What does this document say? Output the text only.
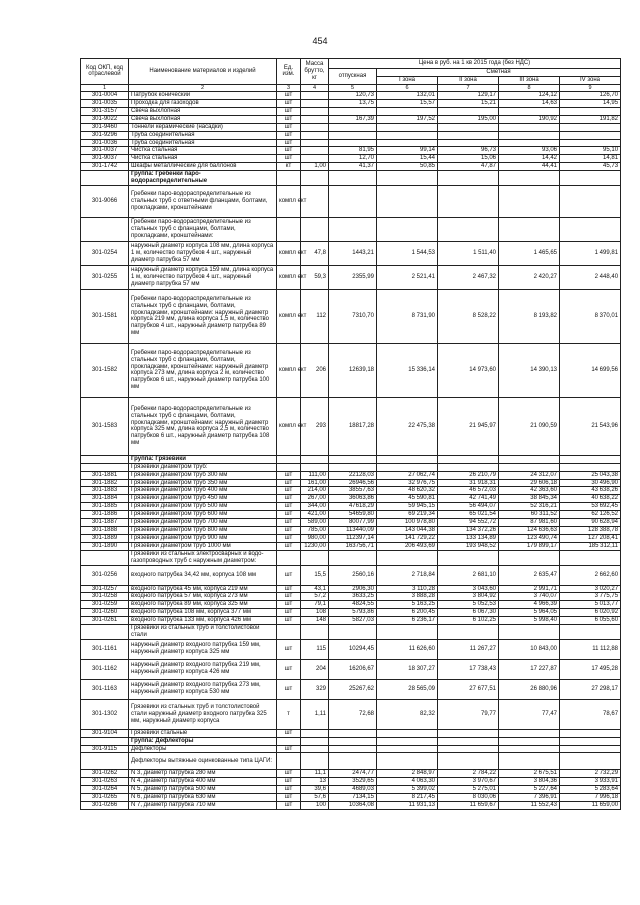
454
Код ОКП, код отраслевой	Наименование материалов и изделий	Ед. изм.	Масса брутто, кг	Цена в руб. на 1 кв 2015 года (без НДС)				
				отпускная	Сметная			
					I зона	II зона	III зона	IV зона
1	2	3	4	5	6	7	8	9
301-0004	Патрубок конический	шт		120,73	132,01	129,17	124,12	126,70
301-0035	Проходка для газоходов	шт		13,75	15,57	15,21	14,63	14,95
301-3157	Свеча выхлопная	шт						
301-9022	Свеча выхлопная	шт		167,39	197,52	195,00	190,92	191,82
301-9460	Тоннели керамические (насадки)	шт						
301-9296	Труба соединительная	шт						
301-0036	Труба соединительная	шт						
301-0037	Чистка стальная	шт		81,95	99,14	96,73	93,06	95,10
301-9037	Чистка стальная	шт		12,70	15,44	15,06	14,42	14,81
301-1742	Шкафы металлические для баллонов	кт	1,00	41,37	50,85	47,87	44,41	45,73
	Группа: Гребенки паро-водораспределительные							
301-9066	Гребенки паро-водораспределительные из стальных труб с ответными фланцами, болтами, прокладками, кронштейнами	компл ект						
	Гребенки паро-водораспределительные из стальных труб с фланцами, болтами, прокладками, кронштейнами:							
301-0254	наружный диаметр корпуса 108 мм, длина корпуса 1 м, количество патрубков 4 шт., наружный диаметр патрубка 57 мм	компл ект	47,8	1443,21	1 544,53	1 511,40	1 465,65	1 499,81
301-0255	наружный диаметр корпуса 159 мм, длина корпуса 1 м, количество патрубков 4 шт., наружный диаметр патрубка 57 мм	компл ект	59,3	2355,99	2 521,41	2 467,32	2 420,27	2 448,40
301-1581	Гребенки паро-водораспределительные из стальных труб с фланцами, болтами, прокладками, кронштейнами: наружный диаметр корпуса 219 мм, длина корпуса 1,5 м, количество патрубков 4 шт., наружный диаметр патрубка 89 мм	компл ект	112	7310,70	8 731,90	8 528,22	8 193,82	8 370,01
301-1582	Гребенки паро-водораспределительные из стальных труб с фланцами, болтами, прокладками, кронштейнами: наружный диаметр корпуса 273 мм, длина корпуса 2 м, количество патрубков 6 шт., наружный диаметр патрубка 100 мм	компл ект	206	12639,18	15 336,14	14 973,60	14 390,13	14 699,56
301-1583	Гребенки паро-водораспределительные из стальных труб с фланцами, болтами, прокладками, кронштейнами: наружный диаметр корпуса 325 мм, длина корпуса 2,5 м, количество патрубков 6 шт., наружный диаметр патрубка 108 мм	компл ект	293	18817,28	22 475,38	21 945,97	21 090,59	21 543,96
	Группа: Грязевики							
	Грязевики диаметром труб:							
301-1881	Грязевики диаметром труб 300 мм	шт	111,00	22128,03	27 062,74	26 210,79	24 312,07	25 043,38
301-1882	Грязевики диаметром труб 350 мм	шт	161,00	26946,56	32 976,75	31 918,31	29 606,18	30 496,90
301-1883	Грязевики диаметром труб 400 мм	шт	214,00	38557,63	48 620,32	46 572,03	42 363,60	43 638,26
301-1884	Грязевики диаметром труб 450 мм	шт	267,00	36063,86	45 590,81	42 741,49	38 845,34	40 638,22
301-1885	Грязевики диаметром труб 500 мм	шт	344,00	47618,29	59 945,15	56 494,07	52 316,21	53 692,45
301-1886	Грязевики диаметром труб 600 мм	шт	421,00	54659,80	69 219,34	65 021,54	60 311,52	62 126,52
301-1887	Грязевики диаметром труб 700 мм	шт	589,00	80077,99	100 978,80	94 552,72	87 981,60	90 628,94
301-1888	Грязевики диаметром труб 800 мм	шт	785,00	113440,09	143 044,38	134 372,26	124 636,63	128 388,78
301-1889	Грязевики диаметром труб 900 мм	шт	980,00	112397,14	141 729,22	133 134,89	123 490,74	127 208,41
301-1890	Грязевики диаметром труб 1000 мм	шт	1230,00	163756,71	206 493,69	193 948,52	179 899,17	185 312,11
	Грязевики из стальных электросварных и водо-газопроводных труб с наружным диаметром:							
301-0256	входного патрубка 34,42 мм, корпуса 108 мм	шт	15,5	2560,16	2 718,84	2 681,10	2 635,47	2 662,60
301-0257	входного патрубка 45 мм, корпуса 219 мм	шт	43,1	2906,30	3 110,28	3 043,60	2 991,71	3 020,27
301-0258	входного патрубка 57 мм, корпуса 273 мм	шт	57,2	3633,25	3 888,28	3 804,92	3 740,07	3 775,75
301-0259	входного патрубка 89 мм, корпуса 325 мм	шт	79,1	4824,55	5 163,25	5 052,53	4 966,39	5 013,77
301-0260	входного патрубка 108 мм, корпуса 377 мм	шт	108	5793,86	6 200,45	6 067,30	5 964,05	6 020,92
301-0261	входного патрубка 133 мм, корпуса 426 мм	шт	148	5827,03	6 236,17	6 102,25	5 998,40	6 055,60
	Грязевики из стальных труб и толстолистовой стали							
301-1161	наружный диаметр входного патрубка 159 мм, наружный диаметр корпуса 325 мм	шт	115	10294,45	11 626,60	11 267,27	10 843,00	11 112,88
301-1162	наружный диаметр входного патрубка 219 мм, наружный диаметр корпуса 426 мм	шт	204	16206,67	18 307,27	17 738,43	17 227,87	17 495,28
301-1163	наружный диаметр входного патрубка 273 мм, наружный диаметр корпуса 530 мм	шт	329	25267,62	28 565,09	27 677,51	26 880,96	27 298,17
301-1302	Грязевики из стальных труб и толстолистовой стали наружный диаметр входного патрубка 325 мм, наружный диаметр корпуса	т	1,11	72,68	82,32	79,77	77,47	78,67
301-9104	Грязевики стальные	шт						
	Группа: Дефлекторы							
301-9115	Дефлекторы	шт						
	Дефлекторы вытяжные оцинкованные типа ЦАГИ:							
301-0262	N 3, диаметр патрубка 280 мм	шт	11,1	2474,77	2 848,97	2 784,22	2 675,51	2 732,29
301-0263	N 4, диаметр патрубка 400 мм	шт	13	3529,65	4 063,30	3 970,67	3 804,36	3 933,91
301-0264	N 5, диаметр патрубка 500 мм	шт	39,6	4689,03	5 399,02	5 275,01	5 227,64	5 283,64
301-0265	N 6, диаметр патрубка 630 мм	шт	57,6	7134,15	8 217,45	8 030,06	7 396,91	7 996,18
301-0266	N 7, диаметр патрубка 710 мм	шт	100	10364,08	11 931,13	11 659,67	11 552,43	11 659,00
